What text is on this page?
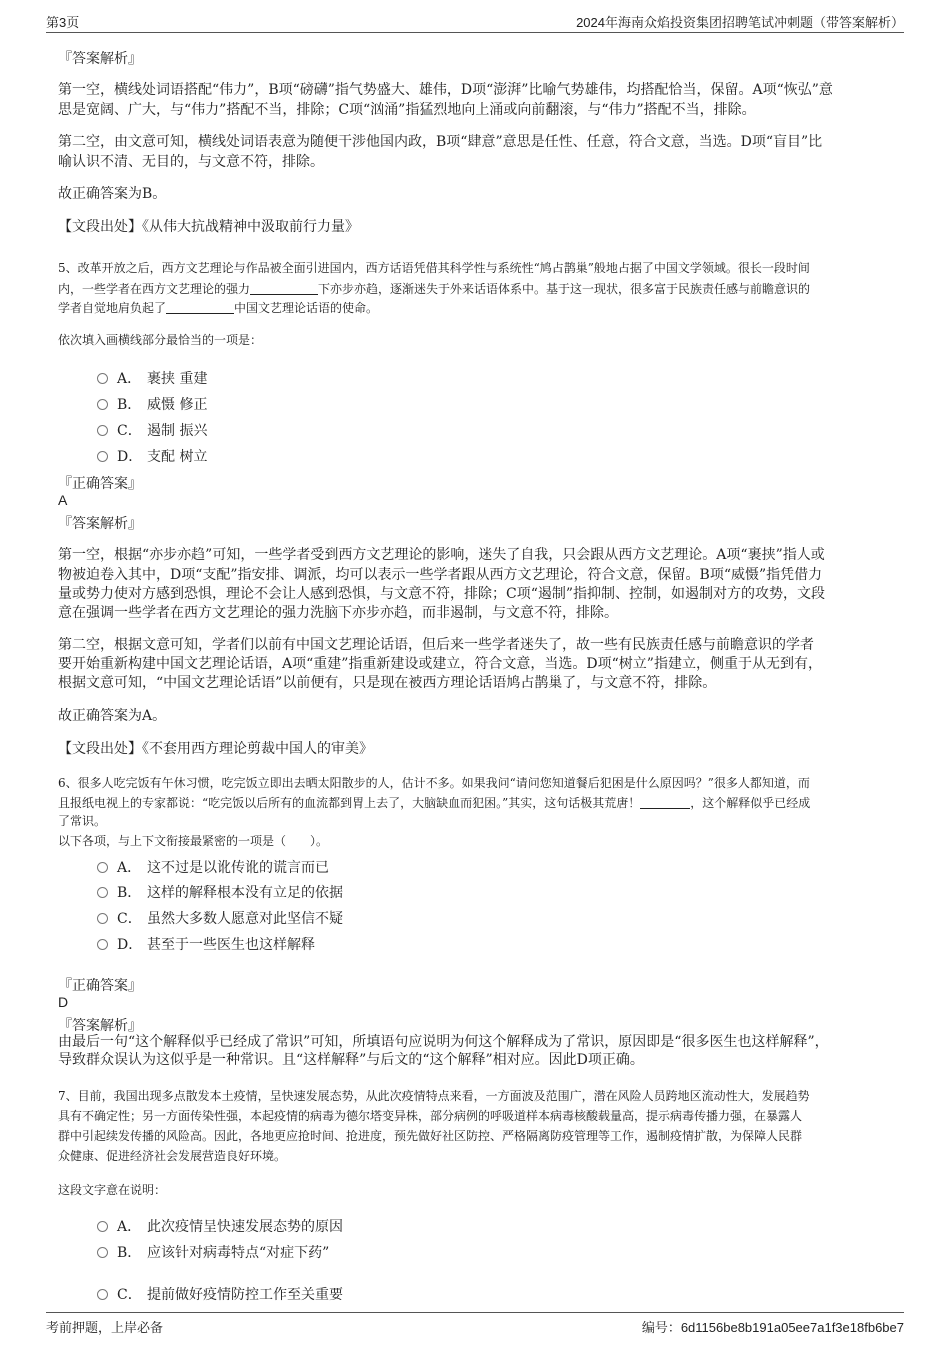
第3页	2024年海南众焰投资集团招聘笔试冲刺题（带答案解析）
『答案解析』
第一空，横线处词语搭配“伟力”，B项“磅礴”指气势盛大、雄伟，D项“澎湃”比喻气势雄伟，均搭配恰当，保留。A项“恢弘”意
思是宽阔、广大，与“伟力”搭配不当，排除；C项“汹涌”指猛烈地向上涌或向前翻滚，与“伟力”搭配不当，排除。
第二空，由文意可知，横线处词语表意为随便干涉他国内政，B项“肆意”意思是任性、任意，符合文意，当选。D项“盲目”比
喻认识不清、无目的，与文意不符，排除。
故正确答案为B。
【文段出处】《从伟大抗战精神中汲取前行力量》
5、改革开放之后，西方文艺理论与作品被全面引进国内，西方话语凭借其科学性与系统性“鸠占鹊巢”般地占据了中国文学领域。很长一段时间
内，一些学者在西方文艺理论的强力	下亦步亦趋，逐渐迷失于外来话语体系中。基于这一现状，很多富于民族责任感与前瞻意识的
学者自觉地肩负起了	中国文艺理论话语的使命。
依次填入画横线部分最恰当的一项是：
A． 裹挟 重建
B． 威慑 修正
C． 遏制 振兴
D． 支配 树立
『正确答案』
A
『答案解析』
第一空，根据“亦步亦趋”可知，一些学者受到西方文艺理论的影响，迷失了自我，只会跟从西方文艺理论。A项“裹挟”指人或
物被迫卷入其中，D项“支配”指安排、调派，均可以表示一些学者跟从西方文艺理论，符合文意，保留。B项“威慑”指凭借力
量或势力使对方感到恐惧，理论不会让人感到恐惧，与文意不符，排除；C项“遏制”指抑制、控制，如遏制对方的攻势，文段
意在强调一些学者在西方文艺理论的强力洗脑下亦步亦趋，而非遏制，与文意不符，排除。
第二空，根据文意可知，学者们以前有中国文艺理论话语，但后来一些学者迷失了，故一些有民族责任感与前瞻意识的学者
要开始重新构建中国文艺理论话语，A项“重建”指重新建设或建立，符合文意，当选。D项“树立”指建立，侧重于从无到有，
根据文意可知，“中国文艺理论话语”以前便有，只是现在被西方理论话语鸠占鹊巢了，与文意不符，排除。
故正确答案为A。
【文段出处】《不套用西方理论剪裁中国人的审美》
6、很多人吃完饭有午休习惯，吃完饭立即出去晒太阳散步的人，估计不多。如果我问“请问您知道餐后犯困是什么原因吗？”很多人都知道，而
且报纸电视上的专家都说：“吃完饭以后所有的血流都到胃上去了，大脑缺血而犯困。”其实，这句话极其荒唐！	，这个解释似乎已经成
了常识。
以下各项，与上下文衔接最紧密的一项是（　　）。
A． 这不过是以讹传讹的谎言而已
B． 这样的解释根本没有立足的依据
C． 虽然大多数人愿意对此坚信不疑
D． 甚至于一些医生也这样解释
『正确答案』
D
『答案解析』
由最后一句“这个解释似乎已经成了常识”可知，所填语句应说明为何这个解释成为了常识，原因即是“很多医生也这样解释”，
导致群众误认为这似乎是一种常识。且“这样解释”与后文的“这个解释”相对应。因此D项正确。
7、目前，我国出现多点散发本土疫情，呈快速发展态势，从此次疫情特点来看，一方面波及范围广，潜在风险人员跨地区流动性大，发展趋势
具有不确定性；另一方面传染性强，本起疫情的病毒为德尔塔变异株，部分病例的呼吸道样本病毒核酸载量高，提示病毒传播力强，在暴露人
群中引起续发传播的风险高。因此，各地更应抢时间、抢进度，预先做好社区防控、严格隔离防疫管理等工作，遏制疫情扩散，为保障人民群
众健康、促进经济社会发展营造良好环境。
这段文字意在说明：
A． 此次疫情呈快速发展态势的原因
B． 应该针对病毒特点“对症下药”
C． 提前做好疫情防控工作至关重要
考前押题，上岸必备	编号：6d1156be8b191a05ee7a1f3e18fb6be7
